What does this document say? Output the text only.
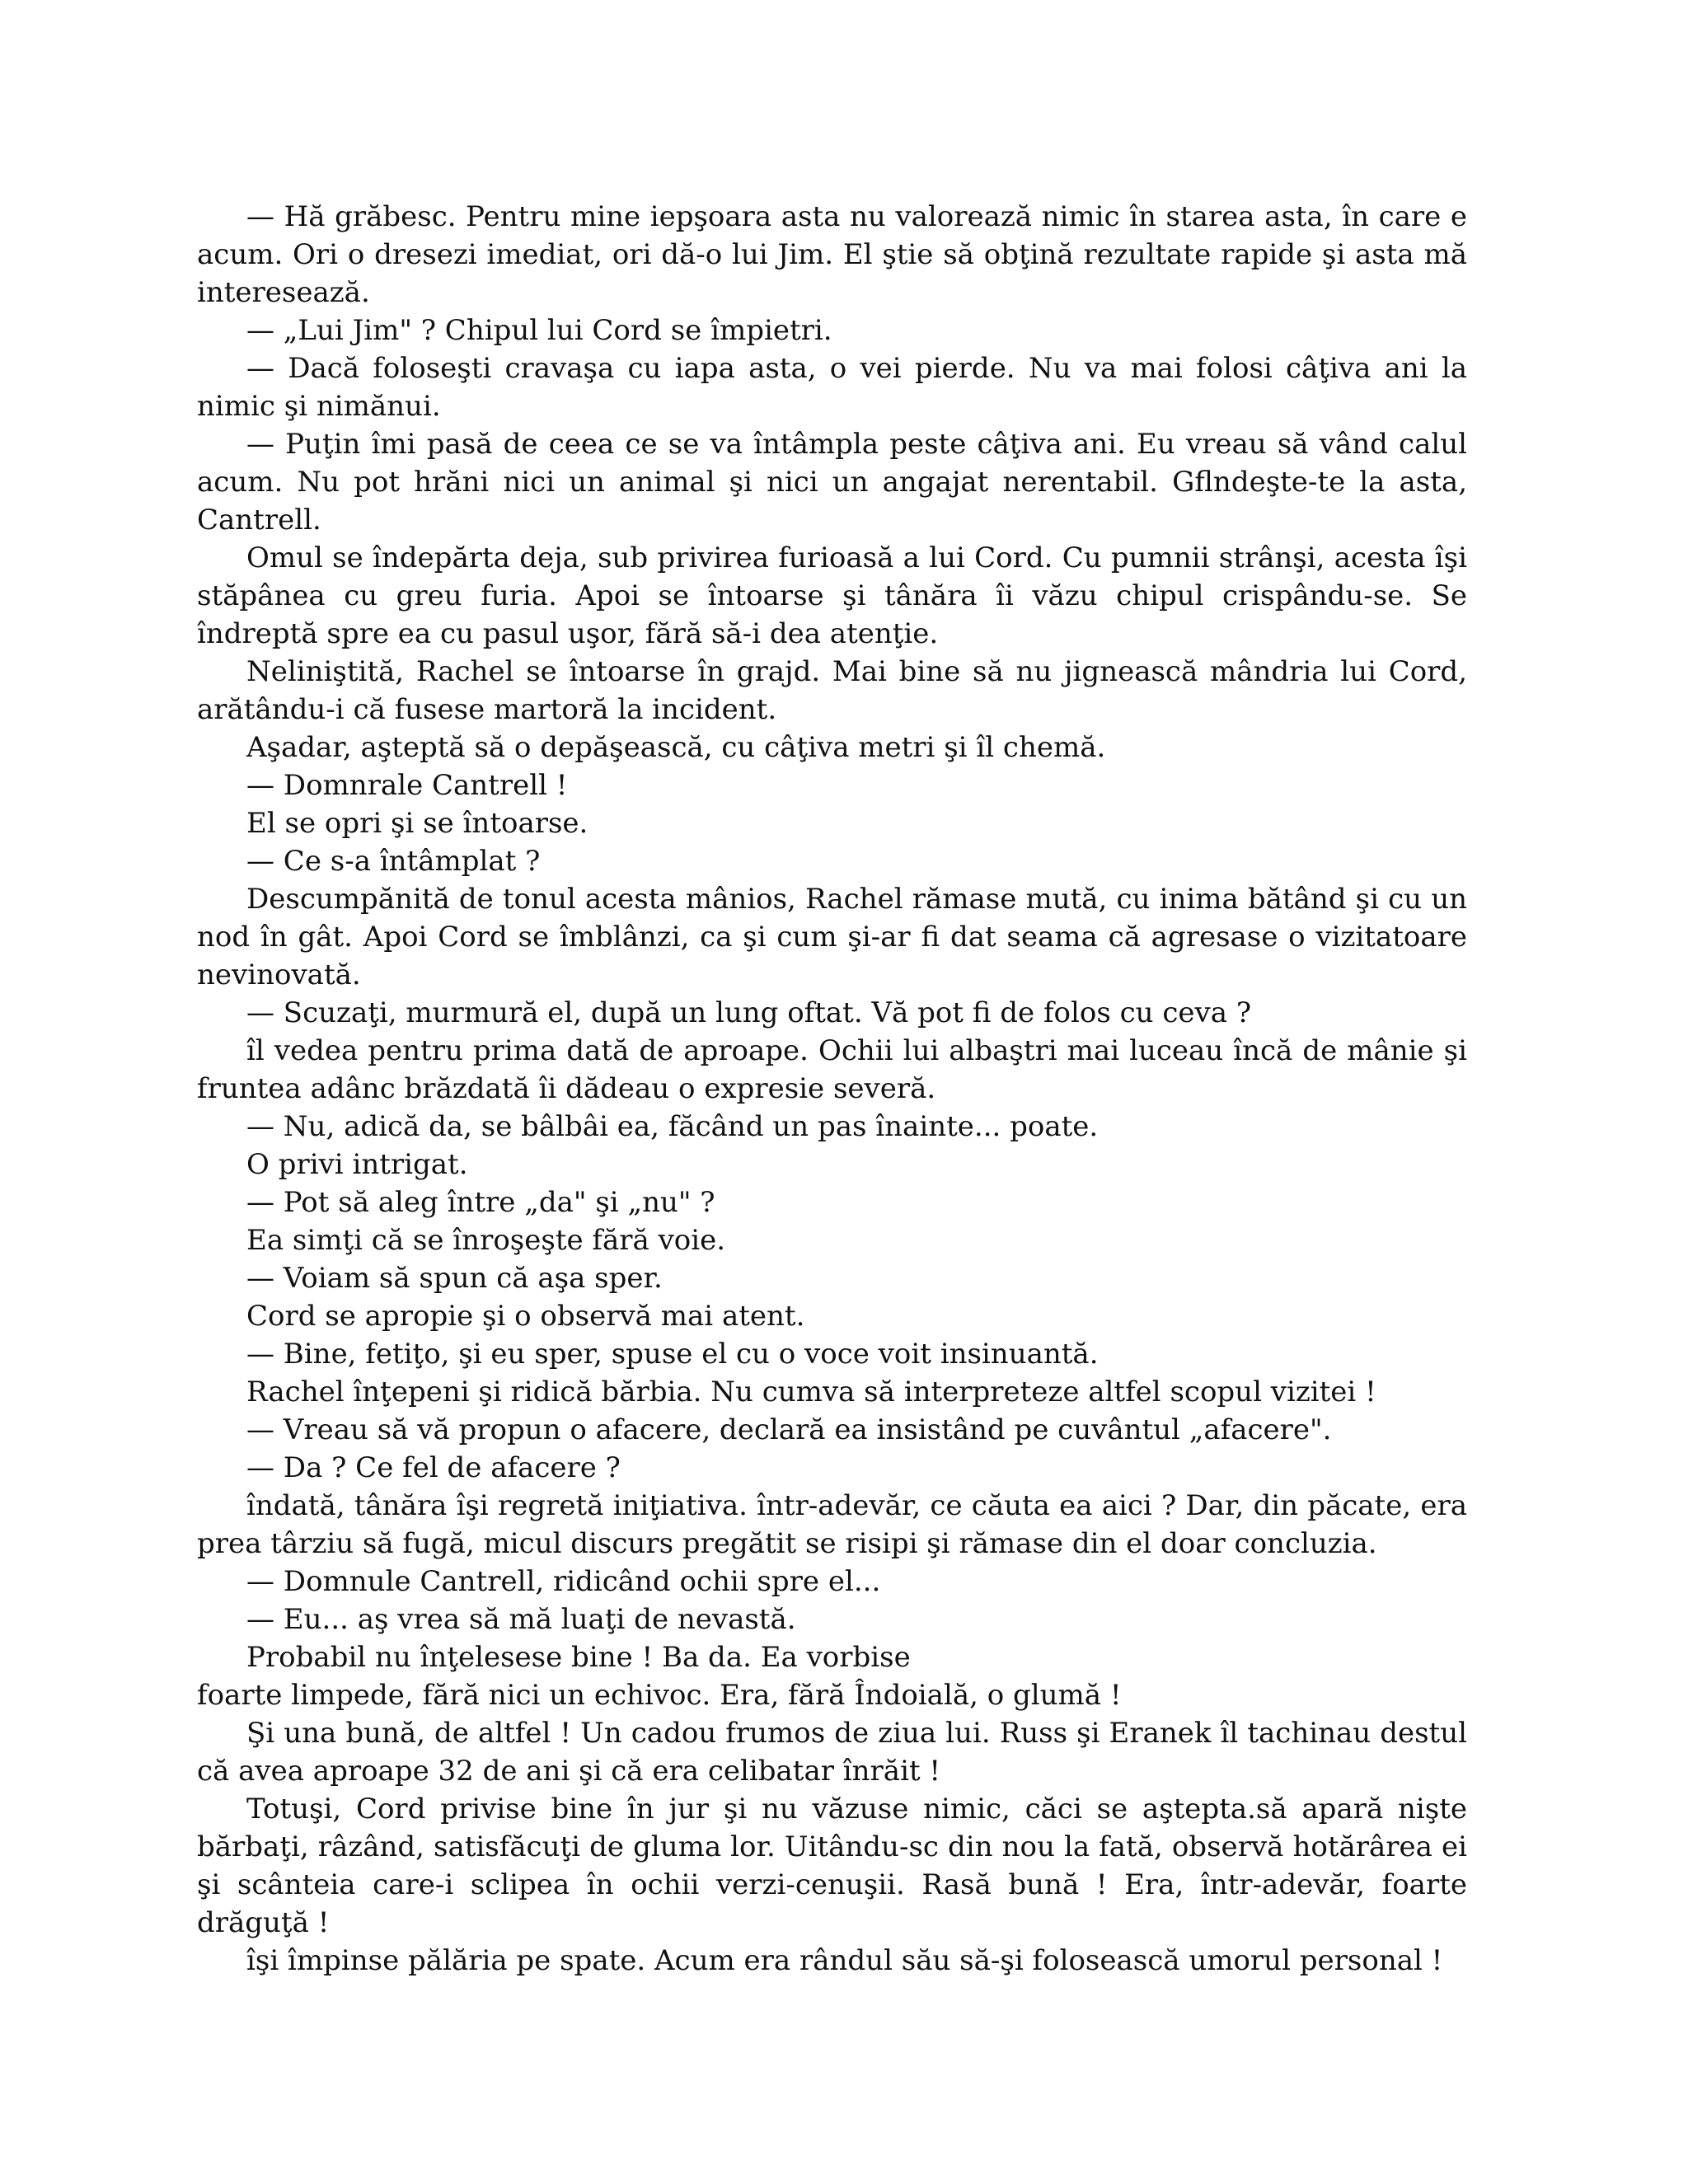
— Hă grăbesc. Pentru mine iepşoara asta nu valorează nimic în starea asta, în care e acum. Ori o dresezi imediat, ori dă-o lui Jim. El ştie să obţină rezultate rapide şi asta mă interesează.

— „Lui Jim" ? Chipul lui Cord se împietri.

— Dacă foloseşti cravaşa cu iapa asta, o vei pierde. Nu va mai folosi câţiva ani la nimic şi nimănui.

— Puţin îmi pasă de ceea ce se va întâmpla peste câţiva ani. Eu vreau să vând calul acum. Nu pot hrăni nici un animal şi nici un angajat nerentabil. Gflndeşte-te la asta, Cantrell.

Omul se îndepărta deja, sub privirea furioasă a lui Cord. Cu pumnii strânşi, acesta îşi stăpânea cu greu furia. Apoi se întoarse şi tânăra îi văzu chipul crispându-se. Se îndreptă spre ea cu pasul uşor, fără să-i dea atenţie.

Neliniştită, Rachel se întoarse în grajd. Mai bine să nu jignească mândria lui Cord, arătându-i că fusese martoră la incident.

Aşadar, aşteptă să o depăşească, cu câţiva metri şi îl chemă.

— Domnrale Cantrell !

El se opri şi se întoarse.

— Ce s-a întâmplat ?

Descumpănită de tonul acesta mânios, Rachel rămase mută, cu inima bătând şi cu un nod în gât. Apoi Cord se îmblânzi, ca şi cum şi-ar fi dat seama că agresase o vizitatoare nevinovată.

— Scuzaţi, murmură el, după un lung oftat. Vă pot fi de folos cu ceva ?

îl vedea pentru prima dată de aproape. Ochii lui albaştri mai luceau încă de mânie şi fruntea adânc brăzdată îi dădeau o expresie severă.

— Nu, adică da, se bâlbâi ea, făcând un pas înainte... poate.

O privi intrigat.

— Pot să aleg între „da" şi „nu" ?

Ea simţi că se înroşeşte fără voie.

— Voiam să spun că aşa sper.

Cord se apropie şi o observă mai atent.

— Bine, fetiţo, şi eu sper, spuse el cu o voce voit insinuantă.

Rachel înţepeni şi ridică bărbia. Nu cumva să interpreteze altfel scopul vizitei !

— Vreau să vă propun o afacere, declară ea insistând pe cuvântul „afacere".

— Da ? Ce fel de afacere ?

îndată, tânăra îşi regretă iniţiativa. într-adevăr, ce căuta ea aici ? Dar, din păcate, era prea târziu să fugă, micul discurs pregătit se risipi şi rămase din el doar concluzia.

— Domnule Cantrell, ridicând ochii spre el...

— Eu... aş vrea să mă luaţi de nevastă.

Probabil nu înţelesese bine ! Ba da. Ea vorbise

foarte limpede, fără nici un echivoc. Era, fără Îndoială, o glumă !

Şi una bună, de altfel ! Un cadou frumos de ziua lui. Russ şi Eranek îl tachinau destul că avea aproape 32 de ani şi că era celibatar înrăit !

Totuşi, Cord privise bine în jur şi nu văzuse nimic, căci se aştepta.să apară nişte bărbaţi, râzând, satisfăcuţi de gluma lor. Uitându-sc din nou la fată, observă hotărârea ei şi scânteia care-i sclipea în ochii verzi-cenuşii. Rasă bună ! Era, într-adevăr, foarte drăguţă !

îşi împinse pălăria pe spate. Acum era rândul său să-şi folosească umorul personal !
